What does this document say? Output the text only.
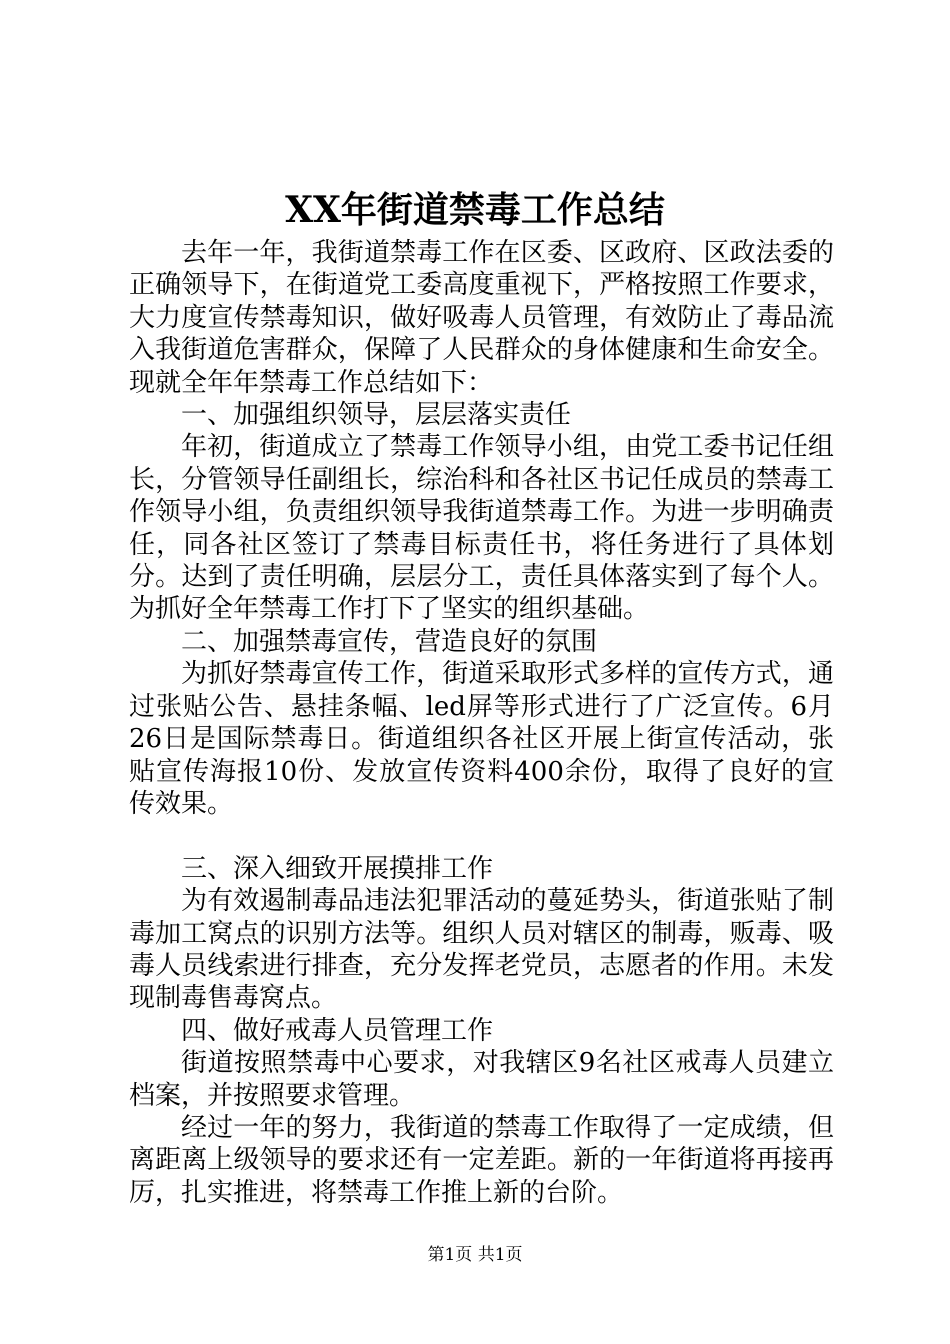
XX年街道禁毒工作总结

去年一年，我街道禁毒工作在区委、区政府、区政法委的正确领导下，在街道党工委高度重视下，严格按照工作要求，大力度宣传禁毒知识，做好吸毒人员管理，有效防止了毒品流入我街道危害群众，保障了人民群众的身体健康和生命安全。现就全年年禁毒工作总结如下：

一、加强组织领导，层层落实责任

年初，街道成立了禁毒工作领导小组，由党工委书记任组长，分管领导任副组长，综治科和各社区书记任成员的禁毒工作领导小组，负责组织领导我街道禁毒工作。为进一步明确责任，同各社区签订了禁毒目标责任书，将任务进行了具体划分。达到了责任明确，层层分工，责任具体落实到了每个人。为抓好全年禁毒工作打下了坚实的组织基础。

二、加强禁毒宣传，营造良好的氛围

为抓好禁毒宣传工作，街道采取形式多样的宣传方式，通过张贴公告、悬挂条幅、led屏等形式进行了广泛宣传。6月26日是国际禁毒日。街道组织各社区开展上街宣传活动，张贴宣传海报10份、发放宣传资料400余份，取得了良好的宣传效果。

三、深入细致开展摸排工作

为有效遏制毒品违法犯罪活动的蔓延势头，街道张贴了制毒加工窝点的识别方法等。组织人员对辖区的制毒，贩毒、吸毒人员线索进行排查，充分发挥老党员，志愿者的作用。未发现制毒售毒窝点。

四、做好戒毒人员管理工作

街道按照禁毒中心要求，对我辖区9名社区戒毒人员建立档案，并按照要求管理。

经过一年的努力，我街道的禁毒工作取得了一定成绩，但离距离上级领导的要求还有一定差距。新的一年街道将再接再厉，扎实推进，将禁毒工作推上新的台阶。

第1页 共1页
